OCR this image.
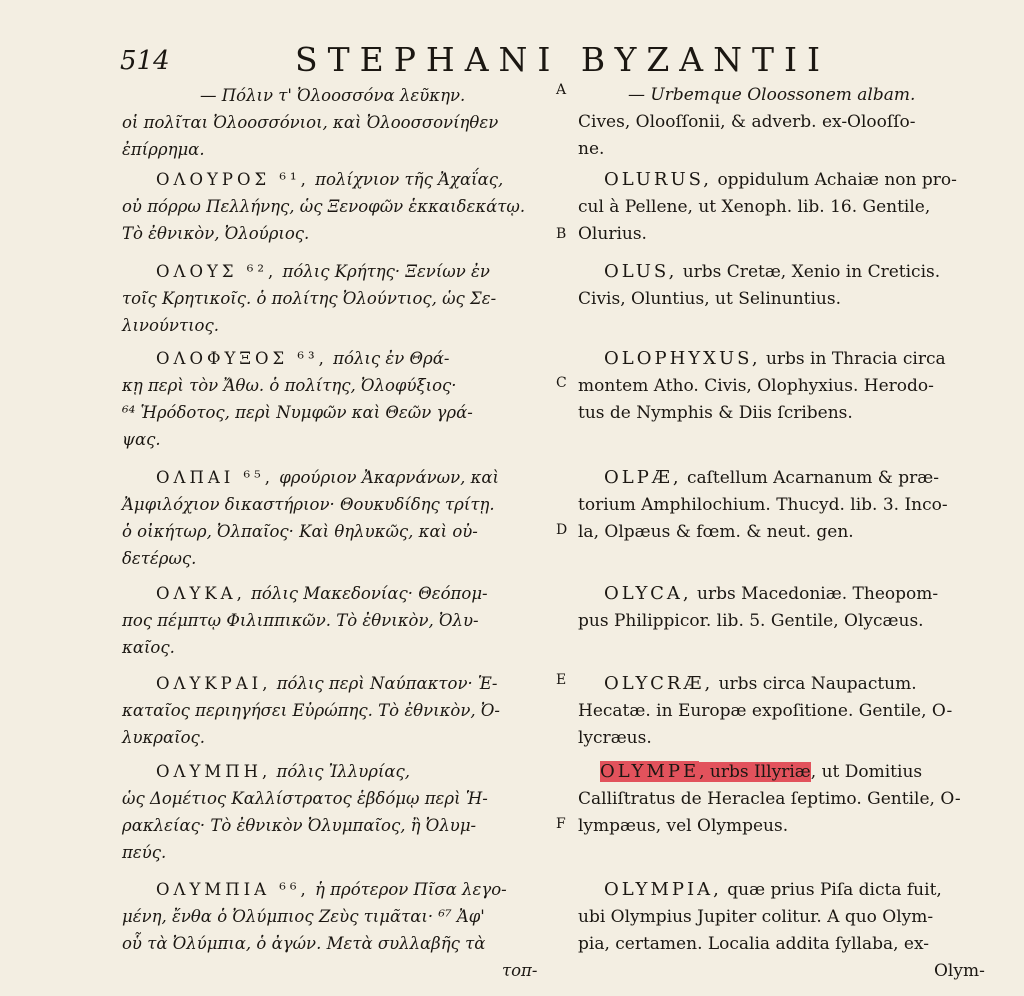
514	STEPHANI BYZANTII
— Πόλιν τ' Ὀλοοσσόνα λεῦκην.
οἱ πολῖται Ὀλοοσσόνιοι, καὶ Ὀλοοσσονίηθεν
ἐπίρρημα.
A	— Urbemque Oloossonem albam.
Cives, Olooſſonii, & adverb. ex-Olooſſo-
ne.
ΟΛΟΥΡΟΣ ⁶¹, πολίχνιον τῆς Ἀχαΐας,
οὐ πόρρω Πελλήνης, ὡς Ξενοφῶν ἑκκαιδεκάτῳ.
Τὸ ἐθνικὸν, Ὀλούριος.	B
OLURUS, oppidulum Achaiæ non pro-
cul à Pellene, ut Xenoph. lib. 16. Gentile,
Olurius.
ΟΛΟΥΣ ⁶², πόλις Κρήτης· Ξενίων ἐν
τοῖς Κρητικοῖς. ὁ πολίτης Ὀλούντιος, ὡς Σε-
λινούντιος.
OLUS, urbs Cretæ, Xenio in Creticis.
Civis, Oluntius, ut Selinuntius.
ΟΛΟΦΥΞΟΣ ⁶³, πόλις ἐν Θρά-
κῃ περὶ τὸν Ἄθω. ὁ πολίτης, Ὀλοφύξιος·
⁶⁴ Ἡρόδοτος, περὶ Νυμφῶν καὶ Θεῶν γρά-
ψας.
C
OLOPHYXUS, urbs in Thracia circa
montem Atho. Civis, Olophyxius. Herodo-
tus de Nymphis & Diis ſcribens.
ΟΛΠΑΙ ⁶⁵, φρούριον Ἀκαρνάνων, καὶ
Ἀμφιλόχιον δικαστήριον· Θουκυδίδης τρίτῃ.
ὁ οἰκήτωρ, Ὀλπαῖος· Καὶ θηλυκῶς, καὶ οὐ-
δετέρως.
D
OLPÆ, caſtellum Acarnanum & præ-
torium Amphilochium. Thucyd. lib. 3. Inco-
la, Olpæus & fœm. & neut. gen.
ΟΛΥΚΑ, πόλις Μακεδονίας· Θεόπομ-
πος πέμπτῳ Φιλιππικῶν. Τὸ ἐθνικὸν, Ὀλυ-
καῖος.
OLYCA, urbs Macedoniæ. Theopom-
pus Philippicor. lib. 5. Gentile, Olycæus.
ΟΛΥΚΡΑΙ, πόλις περὶ Ναύπακτον· Ἑ-
καταῖος περιηγήσει Εὐρώπης. Τὸ ἐθνικὸν, Ὀ-
λυκραῖος.
E	OLYCRÆ, urbs circa Naupactum.
Hecatæ. in Europæ expoſitione. Gentile, O-
lycræus.
ΟΛΥΜΠΗ, πόλις Ἰλλυρίας,
ὡς Δομέτιος Καλλίστρατος ἑβδόμῳ περὶ Ἡ-
ρακλείας· Τὸ ἐθνικὸν Ὀλυμπαῖος, ἢ Ὀλυμ-
πεύς.
F
OLYMPE, urbs Illyriæ, ut Domitius
Calliſtratus de Heraclea ſeptimo. Gentile, O-
lympæus, vel Olympeus.
ΟΛΥΜΠΙΑ ⁶⁶, ἡ πρότερον Πῖσα λεγο-
μένη, ἔνθα ὁ Ὀλύμπιος Ζεὺς τιμᾶται· ⁶⁷ Ἀφ'
οὗ τὰ Ὀλύμπια, ὁ ἀγών. Μετὰ συλλαβῆς τὰ
τοπ-
OLYMPIA, quæ prius Piſa dicta fuit,
ubi Olympius Jupiter colitur. A quo Olym-
pia, certamen. Localia addita ſyllaba, ex-
Olym-
